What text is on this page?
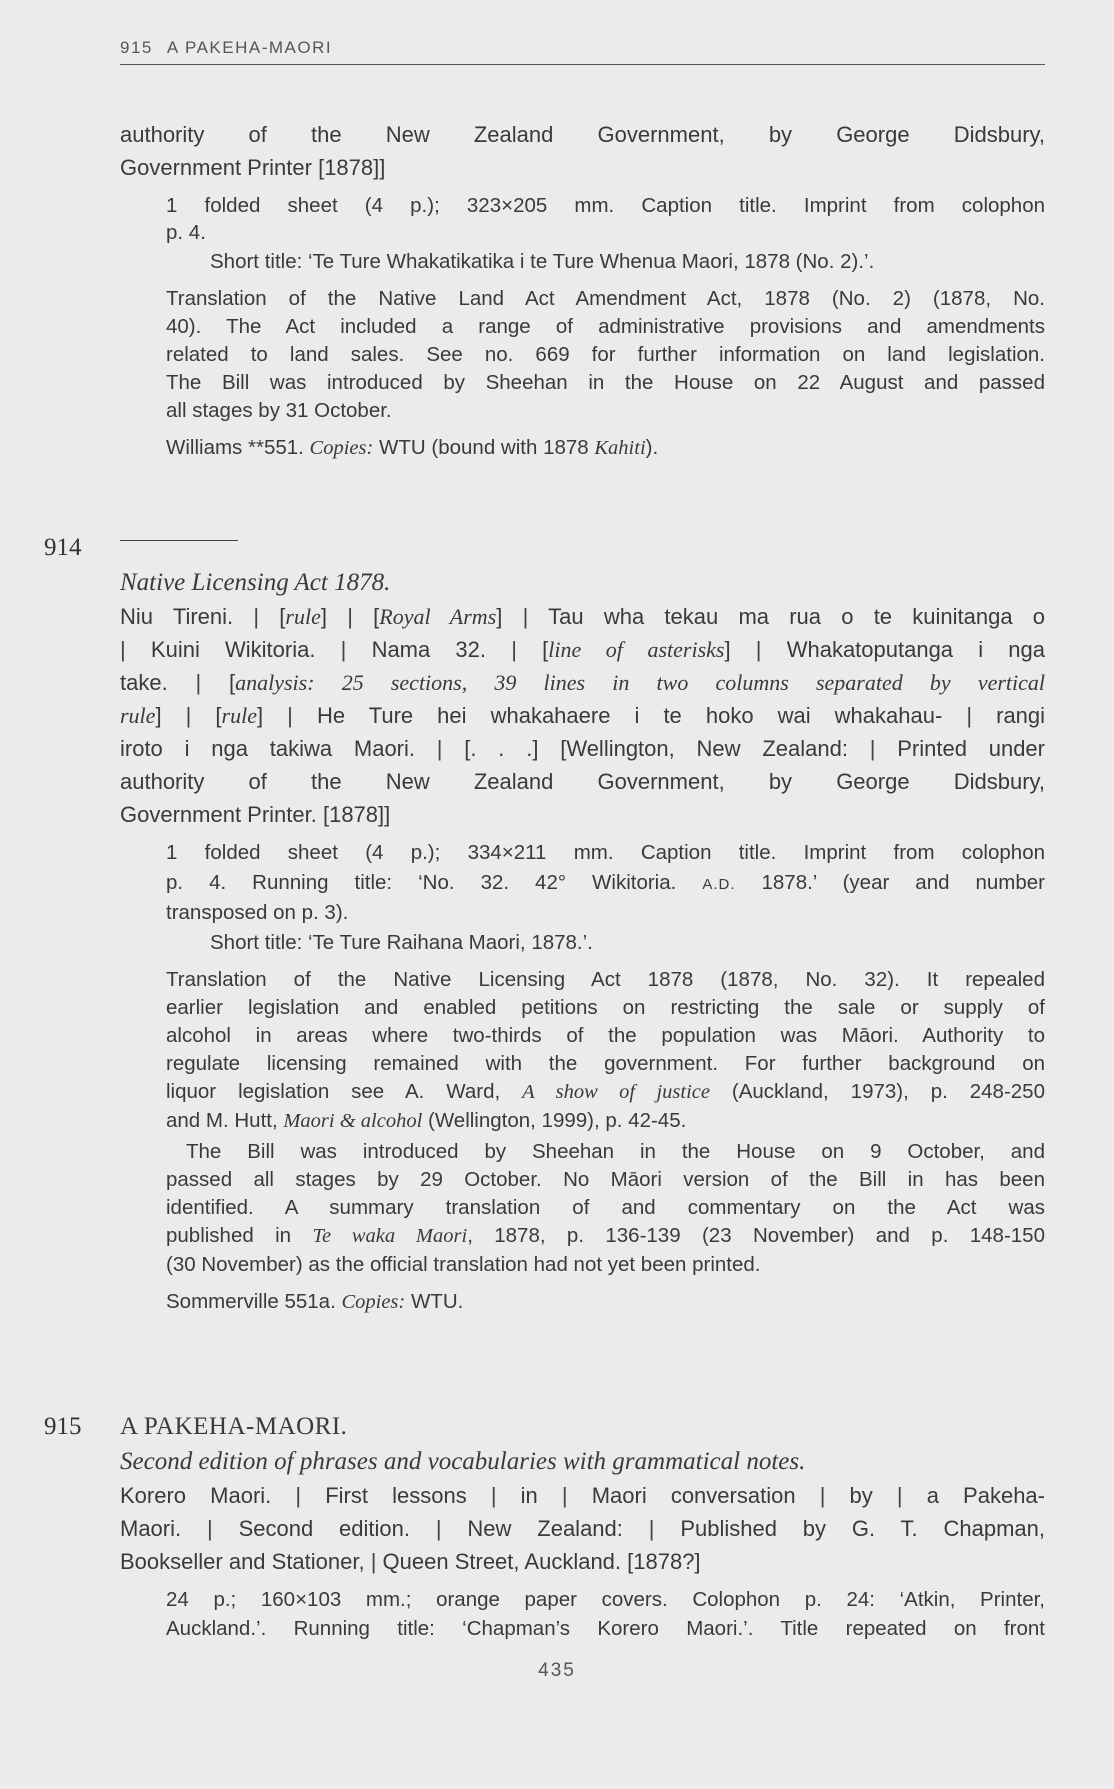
915 A PAKEHA-MAORI
authority of the New Zealand Government, by George Didsbury,
Government Printer [1878]]
1 folded sheet (4 p.); 323×205 mm. Caption title. Imprint from colophon
p. 4.
Short title: ‘Te Ture Whakatikatika i te Ture Whenua Maori, 1878 (No. 2).’.
Translation of the Native Land Act Amendment Act, 1878 (No. 2) (1878, No.
40). The Act included a range of administrative provisions and amendments
related to land sales. See no. 669 for further information on land legislation.
The Bill was introduced by Sheehan in the House on 22 August and passed
all stages by 31 October.
Williams **551. Copies: WTU (bound with 1878 Kahiti).
914
Native Licensing Act 1878.
Niu Tireni. | [rule] | [Royal Arms] | Tau wha tekau ma rua o te kuinitanga o
| Kuini Wikitoria. | Nama 32. | [line of asterisks] | Whakatoputanga i nga
take. | [analysis: 25 sections, 39 lines in two columns separated by vertical
rule] | [rule] | He Ture hei whakahaere i te hoko wai whakahau- | rangi
iroto i nga takiwa Maori. | [. . .] [Wellington, New Zealand: | Printed under
authority of the New Zealand Government, by George Didsbury,
Government Printer. [1878]]
1 folded sheet (4 p.); 334×211 mm. Caption title. Imprint from colophon
p. 4. Running title: ‘No. 32. 42° Wikitoria. A.D. 1878.’ (year and number
transposed on p. 3).
Short title: ‘Te Ture Raihana Maori, 1878.’.
Translation of the Native Licensing Act 1878 (1878, No. 32). It repealed
earlier legislation and enabled petitions on restricting the sale or supply of
alcohol in areas where two-thirds of the population was Māori. Authority to
regulate licensing remained with the government. For further background on
liquor legislation see A. Ward, A show of justice (Auckland, 1973), p. 248-250
and M. Hutt, Maori & alcohol (Wellington, 1999), p. 42-45.
The Bill was introduced by Sheehan in the House on 9 October, and
passed all stages by 29 October. No Māori version of the Bill in has been
identified. A summary translation of and commentary on the Act was
published in Te waka Maori, 1878, p. 136-139 (23 November) and p. 148-150
(30 November) as the official translation had not yet been printed.
Sommerville 551a. Copies: WTU.
915 A PAKEHA-MAORI.
Second edition of phrases and vocabularies with grammatical notes.
Korero Maori. | First lessons | in | Maori conversation | by | a Pakeha-
Maori. | Second edition. | New Zealand: | Published by G. T. Chapman,
Bookseller and Stationer, | Queen Street, Auckland. [1878?]
24 p.; 160×103 mm.; orange paper covers. Colophon p. 24: ‘Atkin, Printer,
Auckland.’. Running title: ‘Chapman’s Korero Maori.’. Title repeated on front
435
